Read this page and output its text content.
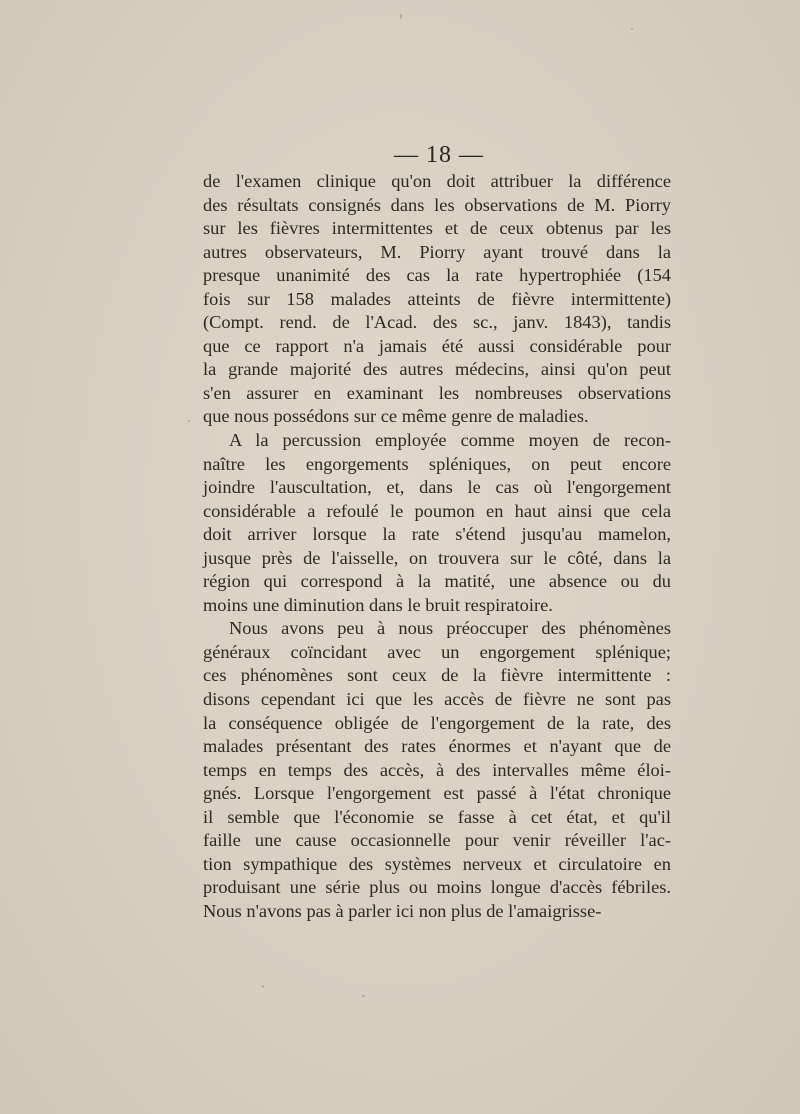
— 18 —
de l'examen clinique qu'on doit attribuer la différence
des résultats consignés dans les observations de M. Piorry
sur les fièvres intermittentes et de ceux obtenus par les
autres observateurs, M. Piorry ayant trouvé dans la
presque unanimité des cas la rate hypertrophiée (154
fois sur 158 malades atteints de fièvre intermittente)
(Compt. rend. de l'Acad. des sc., janv. 1843), tandis
que ce rapport n'a jamais été aussi considérable pour
la grande majorité des autres médecins, ainsi qu'on peut
s'en assurer en examinant les nombreuses observations
que nous possédons sur ce même genre de maladies.
A la percussion employée comme moyen de recon-
naître les engorgements spléniques, on peut encore
joindre l'auscultation, et, dans le cas où l'engorgement
considérable a refoulé le poumon en haut ainsi que cela
doit arriver lorsque la rate s'étend jusqu'au mamelon,
jusque près de l'aisselle, on trouvera sur le côté, dans la
région qui correspond à la matité, une absence ou du
moins une diminution dans le bruit respiratoire.
Nous avons peu à nous préoccuper des phénomènes
généraux coïncidant avec un engorgement splénique;
ces phénomènes sont ceux de la fièvre intermittente :
disons cependant ici que les accès de fièvre ne sont pas
la conséquence obligée de l'engorgement de la rate, des
malades présentant des rates énormes et n'ayant que de
temps en temps des accès, à des intervalles même éloi-
gnés. Lorsque l'engorgement est passé à l'état chronique
il semble que l'économie se fasse à cet état, et qu'il
faille une cause occasionnelle pour venir réveiller l'ac-
tion sympathique des systèmes nerveux et circulatoire en
produisant une série plus ou moins longue d'accès fébriles.
Nous n'avons pas à parler ici non plus de l'amaigrisse-
